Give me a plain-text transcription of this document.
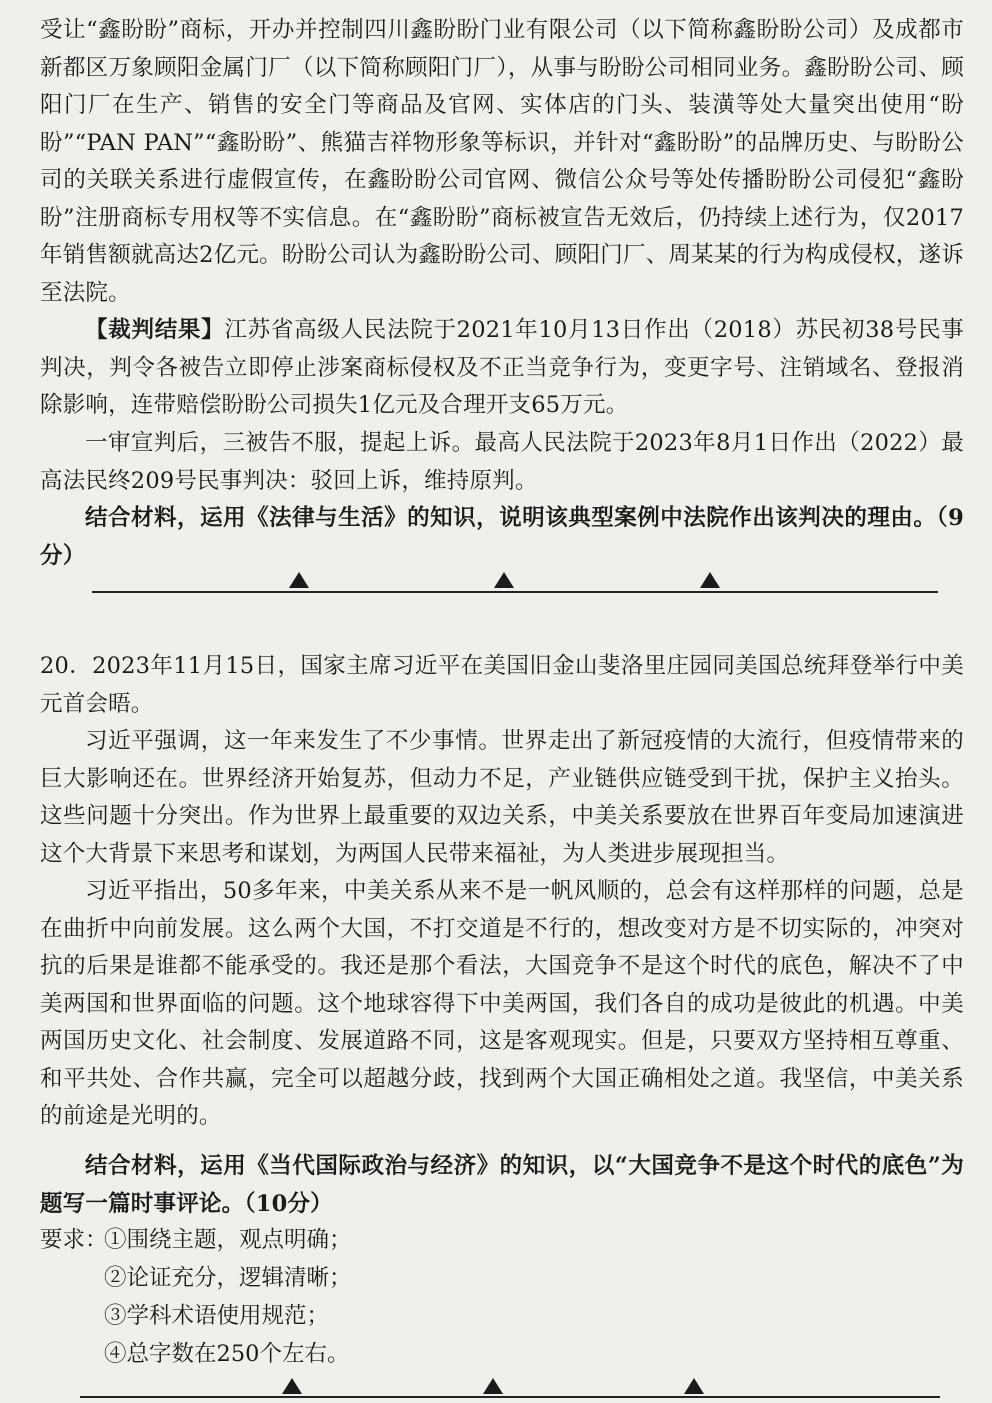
受让“鑫盼盼”商标，开办并控制四川鑫盼盼门业有限公司（以下简称鑫盼盼公司）及成都市新都区万象顾阳金属门厂（以下简称顾阳门厂），从事与盼盼公司相同业务。鑫盼盼公司、顾阳门厂在生产、销售的安全门等商品及官网、实体店的门头、装潢等处大量突出使用“盼盼”“PAN PAN”“鑫盼盼”、熊猫吉祥物形象等标识，并针对“鑫盼盼”的品牌历史、与盼盼公司的关联关系进行虚假宣传，在鑫盼盼公司官网、微信公众号等处传播盼盼公司侵犯“鑫盼盼”注册商标专用权等不实信息。在“鑫盼盼”商标被宣告无效后，仍持续上述行为，仅2017年销售额就高达2亿元。盼盼公司认为鑫盼盼公司、顾阳门厂、周某某的行为构成侵权，遂诉至法院。

【裁判结果】江苏省高级人民法院于2021年10月13日作出（2018）苏民初38号民事判决，判令各被告立即停止涉案商标侵权及不正当竞争行为，变更字号、注销域名、登报消除影响，连带赔偿盼盼公司损失1亿元及合理开支65万元。

一审宣判后，三被告不服，提起上诉。最高人民法院于2023年8月1日作出（2022）最高法民终209号民事判决：驳回上诉，维持原判。

结合材料，运用《法律与生活》的知识，说明该典型案例中法院作出该判决的理由。（9分）

20．2023年11月15日，国家主席习近平在美国旧金山斐洛里庄园同美国总统拜登举行中美元首会晤。

习近平强调，这一年来发生了不少事情。世界走出了新冠疫情的大流行，但疫情带来的巨大影响还在。世界经济开始复苏，但动力不足，产业链供应链受到干扰，保护主义抬头。这些问题十分突出。作为世界上最重要的双边关系，中美关系要放在世界百年变局加速演进这个大背景下来思考和谋划，为两国人民带来福祉，为人类进步展现担当。

习近平指出，50多年来，中美关系从来不是一帆风顺的，总会有这样那样的问题，总是在曲折中向前发展。这么两个大国，不打交道是不行的，想改变对方是不切实际的，冲突对抗的后果是谁都不能承受的。我还是那个看法，大国竞争不是这个时代的底色，解决不了中美两国和世界面临的问题。这个地球容得下中美两国，我们各自的成功是彼此的机遇。中美两国历史文化、社会制度、发展道路不同，这是客观现实。但是，只要双方坚持相互尊重、和平共处、合作共赢，完全可以超越分歧，找到两个大国正确相处之道。我坚信，中美关系的前途是光明的。

结合材料，运用《当代国际政治与经济》的知识，以“大国竞争不是这个时代的底色”为题写一篇时事评论。（10分）

要求：
①围绕主题，观点明确；
②论证充分，逻辑清晰；
③学科术语使用规范；
④总字数在250个左右。
